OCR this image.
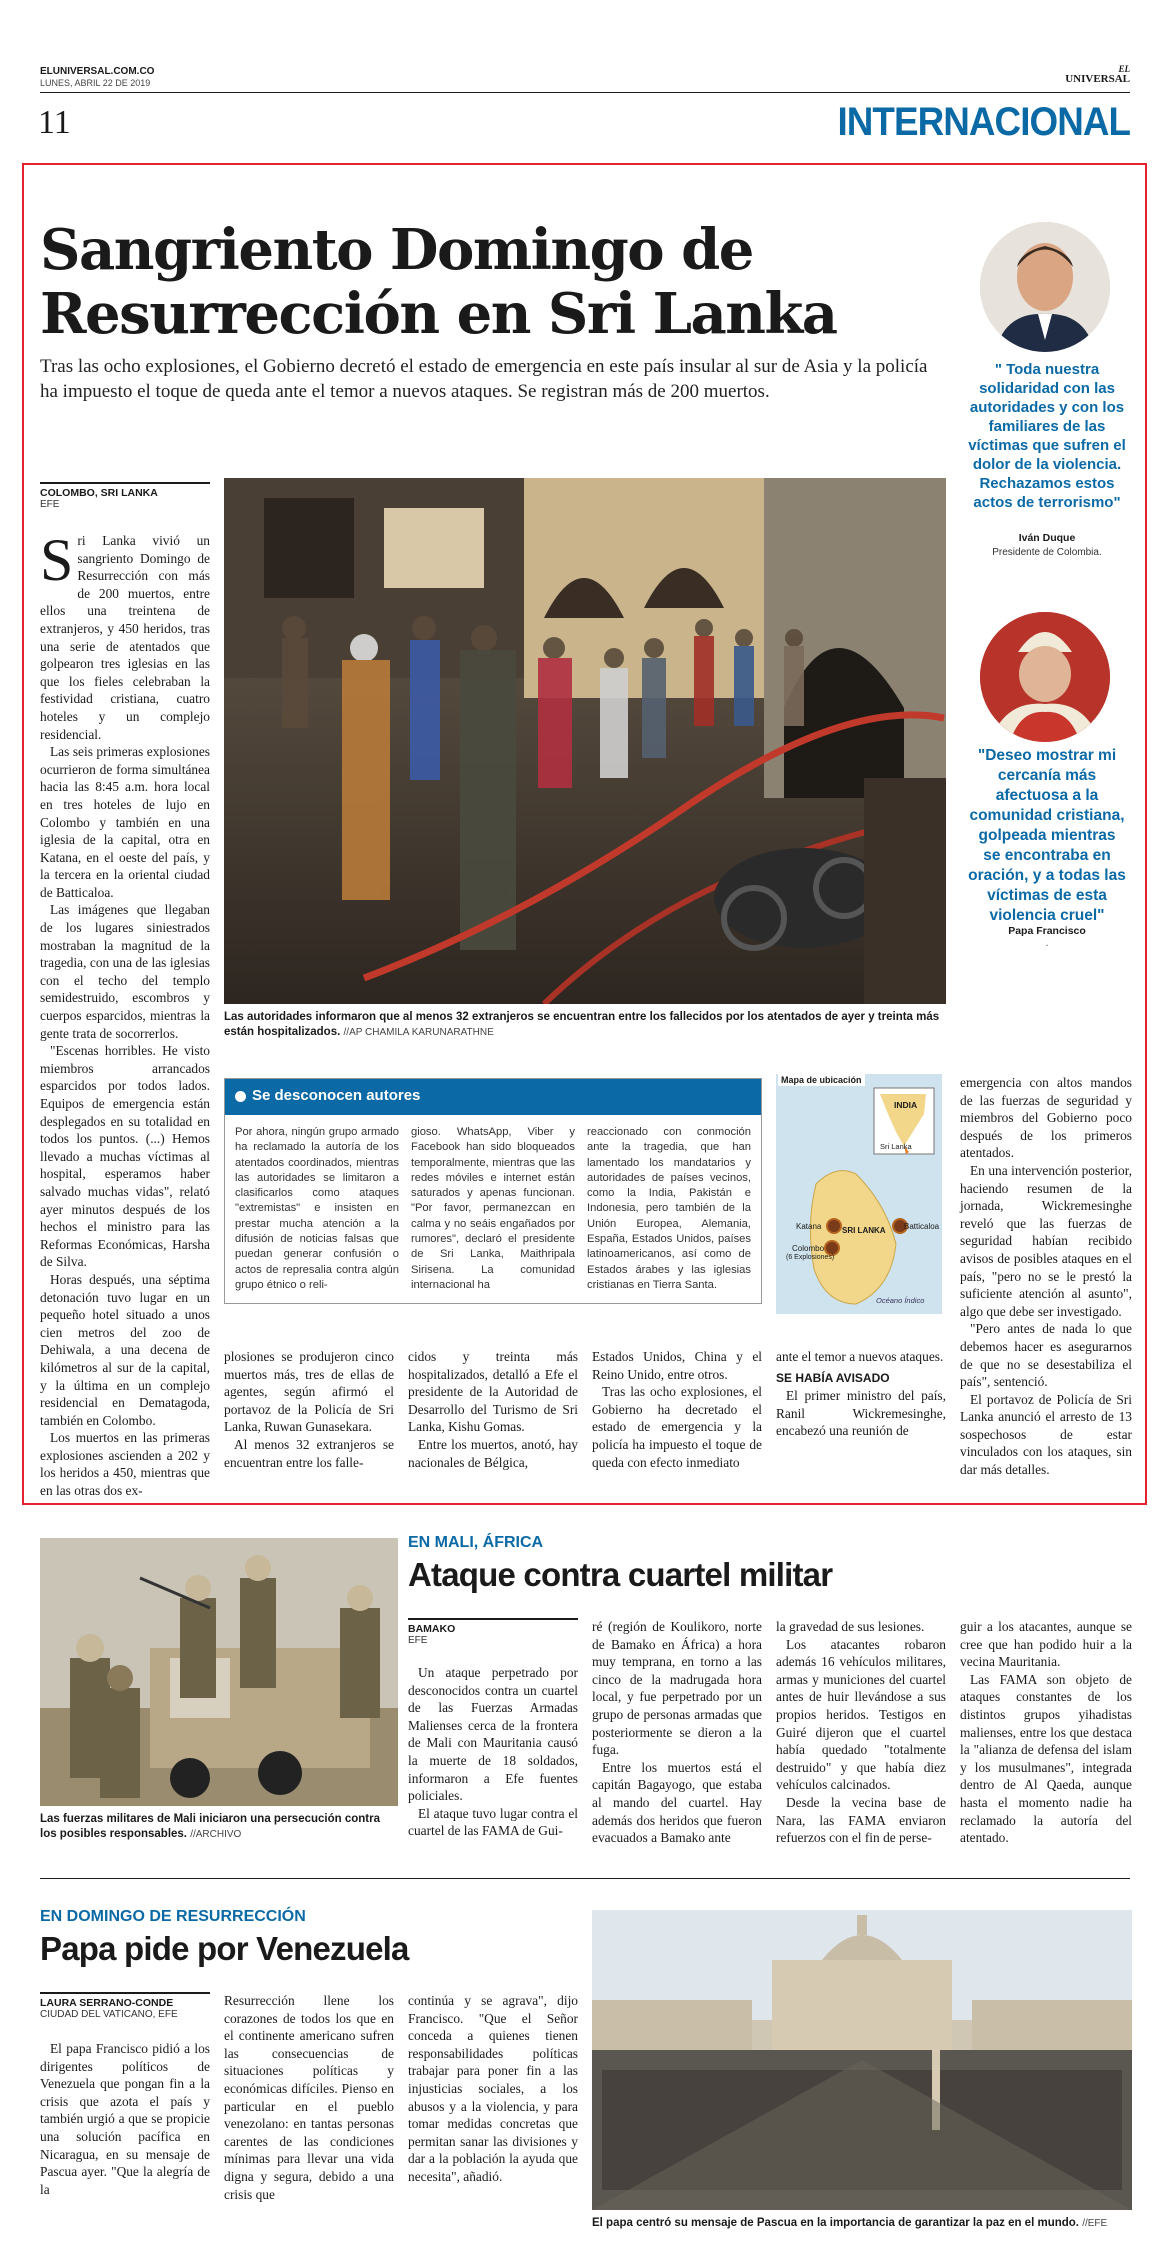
ELUNIVERSAL.COM.CO
LUNES, ABRIL 22 DE 2019
EL
UNIVERSAL
11	INTERNACIONAL
Sangriento Domingo de
Resurrección en Sri Lanka

Tras las ocho explosiones, el Gobierno decretó el estado de emergencia en este país insular al sur de Asia y la policía ha impuesto el toque de queda ante el temor a nuevos ataques. Se registran más de 200 muertos.

COLOMBO, SRI LANKA
EFE

Sri Lanka vivió un sangriento Domingo de Resurrección con más de 200 muertos, entre ellos una treintena de extranjeros, y 450 heridos, tras una serie de atentados que golpearon tres iglesias en las que los fieles celebraban la festividad cristiana, cuatro hoteles y un complejo residencial.

Las seis primeras explosiones ocurrieron de forma simultánea hacia las 8:45 a.m. hora local en tres hoteles de lujo en Colombo y también en una iglesia de la capital, otra en Katana, en el oeste del país, y la tercera en la oriental ciudad de Batticaloa.

Las imágenes que llegaban de los lugares siniestrados mostraban la magnitud de la tragedia, con una de las iglesias con el techo del templo semidestruido, escombros y cuerpos esparcidos, mientras la gente trata de socorrerlos.

"Escenas horribles. He visto miembros arrancados esparcidos por todos lados. Equipos de emergencia están desplegados en su totalidad en todos los puntos. (...) Hemos llevado a muchas víctimas al hospital, esperamos haber salvado muchas vidas", relató ayer minutos después de los hechos el ministro para las Reformas Económicas, Harsha de Silva.

Horas después, una séptima detonación tuvo lugar en un pequeño hotel situado a unos cien metros del zoo de Dehiwala, a una decena de kilómetros al sur de la capital, y la última en un complejo residencial en Dematagoda, también en Colombo.

Los muertos en las primeras explosiones ascienden a 202 y los heridos a 450, mientras que en las otras dos ex-

Las autoridades informaron que al menos 32 extranjeros se encuentran entre los fallecidos por los atentados de ayer y treinta más están hospitalizados. //AP CHAMILA KARUNARATHNE
Se desconocen autores

Por ahora, ningún grupo armado ha reclamado la autoría de los atentados coordinados, mientras las autoridades se limitaron a clasificarlos como ataques "extremistas" e insisten en prestar mucha atención a la difusión de noticias falsas que puedan generar confusión o actos de represalia contra algún grupo étnico o reli-

gioso. WhatsApp, Viber y Facebook han sido bloqueados temporalmente, mientras que las redes móviles e internet están saturados y apenas funcionan. "Por favor, permanezcan en calma y no seáis engañados por rumores", declaró el presidente de Sri Lanka, Maithripala Sirisena. La comunidad internacional ha

reaccionado con conmoción ante la tragedia, que han lamentado los mandatarios y autoridades de países vecinos, como la India, Pakistán e Indonesia, pero también de la Unión Europea, Alemania, España, Estados Unidos, países latinoamericanos, así como de Estados árabes y las iglesias cristianas en Tierra Santa.

Mapa de ubicación
INDIA
Sri Lanka
Katana	SRI LANKA Batticaloa
Colombo
(6 Explosiones)
Océano Índico

plosiones se produjeron cinco muertos más, tres de ellas de agentes, según afirmó el portavoz de la Policía de Sri Lanka, Ruwan Gunasekara.

Al menos 32 extranjeros se encuentran entre los falle-

cidos y treinta más hospitalizados, detalló a Efe el presidente de la Autoridad de Desarrollo del Turismo de Sri Lanka, Kishu Gomas.

Entre los muertos, anotó, hay nacionales de Bélgica,

Estados Unidos, China y el Reino Unido, entre otros.

Tras las ocho explosiones, el Gobierno ha decretado el estado de emergencia y la policía ha impuesto el toque de queda con efecto inmediato

ante el temor a nuevos ataques.

SE HABÍA AVISADO

El primer ministro del país, Ranil Wickremesinghe, encabezó una reunión de

emergencia con altos mandos de las fuerzas de seguridad y miembros del Gobierno poco después de los primeros atentados.

En una intervención posterior, haciendo resumen de la jornada, Wickremesinghe reveló que las fuerzas de seguridad habían recibido avisos de posibles ataques en el país, "pero no se le prestó la suficiente atención al asunto", algo que debe ser investigado.

"Pero antes de nada lo que debemos hacer es asegurarnos de que no se desestabiliza el país", sentenció.

El portavoz de Policía de Sri Lanka anunció el arresto de 13 sospechosos de estar vinculados con los ataques, sin dar más detalles.

" Toda nuestra solidaridad con las autoridades y con los familiares de las víctimas que sufren el dolor de la violencia. Rechazamos estos actos de terrorismo"

Iván Duque
Presidente de Colombia.

"Deseo mostrar mi cercanía más afectuosa a la comunidad cristiana, golpeada mientras se encontraba en oración, y a todas las víctimas de esta violencia cruel"

Papa Francisco
.
Las fuerzas militares de Mali iniciaron una persecución contra los posibles responsables. //ARCHIVO
EN MALI, ÁFRICA
Ataque contra cuartel militar
BAMAKO
EFE

Un ataque perpetrado por desconocidos contra un cuartel de las Fuerzas Armadas Malienses cerca de la frontera de Mali con Mauritania causó la muerte de 18 soldados, informaron a Efe fuentes policiales.

El ataque tuvo lugar contra el cuartel de las FAMA de Gui-

ré (región de Koulikoro, norte de Bamako en África) a hora muy temprana, en torno a las cinco de la madrugada hora local, y fue perpetrado por un grupo de personas armadas que posteriormente se dieron a la fuga.

Entre los muertos está el capitán Bagayogo, que estaba al mando del cuartel. Hay además dos heridos que fueron evacuados a Bamako ante

la gravedad de sus lesiones.

Los atacantes robaron además 16 vehículos militares, armas y municiones del cuartel antes de huir llevándose a sus propios heridos. Testigos en Guiré dijeron que el cuartel había quedado "totalmente destruido" y que había diez vehículos calcinados.

Desde la vecina base de Nara, las FAMA enviaron refuerzos con el fin de perse-

guir a los atacantes, aunque se cree que han podido huir a la vecina Mauritania.

Las FAMA son objeto de ataques constantes de los distintos grupos yihadistas malienses, entre los que destaca la "alianza de defensa del islam y los musulmanes", integrada dentro de Al Qaeda, aunque hasta el momento nadie ha reclamado la autoría del atentado.

EN DOMINGO DE RESURRECCIÓN
Papa pide por Venezuela
LAURA SERRANO-CONDE
CIUDAD DEL VATICANO, EFE

El papa Francisco pidió a los dirigentes políticos de Venezuela que pongan fin a la crisis que azota el país y también urgió a que se propicie una solución pacífica en Nicaragua, en su mensaje de Pascua ayer. "Que la alegría de la

Resurrección llene los corazones de todos los que en el continente americano sufren las consecuencias de situaciones políticas y económicas difíciles. Pienso en particular en el pueblo venezolano: en tantas personas carentes de las condiciones mínimas para llevar una vida digna y segura, debido a una crisis que

continúa y se agrava", dijo Francisco. "Que el Señor conceda a quienes tienen responsabilidades políticas trabajar para poner fin a las injusticias sociales, a los abusos y a la violencia, y para tomar medidas concretas que permitan sanar las divisiones y dar a la población la ayuda que necesita", añadió.

El papa centró su mensaje de Pascua en la importancia de garantizar la paz en el mundo. //EFE
